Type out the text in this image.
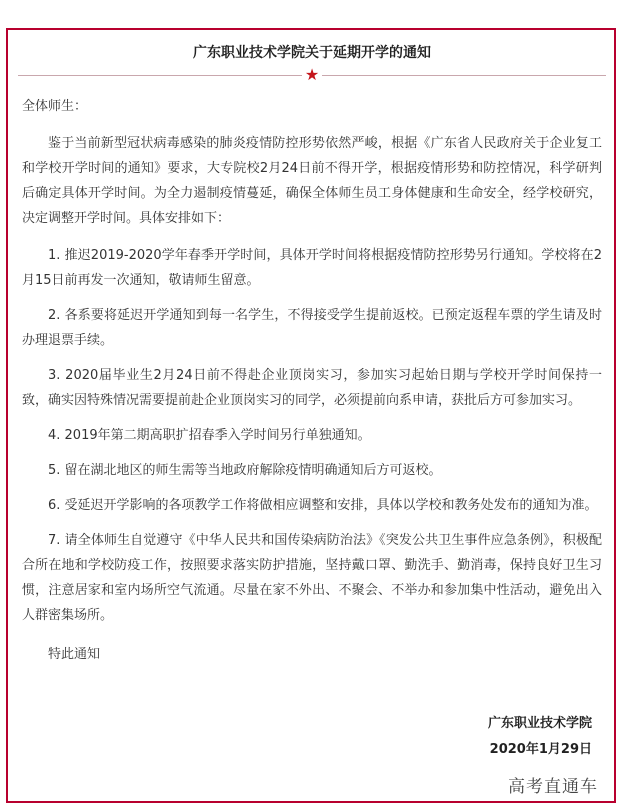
广东职业技术学院关于延期开学的通知
★

全体师生：

鉴于当前新型冠状病毒感染的肺炎疫情防控形势依然严峻，根据《广东省人民政府关于企业复工和学校开学时间的通知》要求，大专院校2月24日前不得开学，根据疫情形势和防控情况，科学研判后确定具体开学时间。为全力遏制疫情蔓延，确保全体师生员工身体健康和生命安全，经学校研究，决定调整开学时间。具体安排如下：

1. 推迟2019-2020学年春季开学时间，具体开学时间将根据疫情防控形势另行通知。学校将在2月15日前再发一次通知，敬请师生留意。

2. 各系要将延迟开学通知到每一名学生，不得接受学生提前返校。已预定返程车票的学生请及时办理退票手续。

3. 2020届毕业生2月24日前不得赴企业顶岗实习，参加实习起始日期与学校开学时间保持一致，确实因特殊情况需要提前赴企业顶岗实习的同学，必须提前向系申请，获批后方可参加实习。

4. 2019年第二期高职扩招春季入学时间另行单独通知。

5. 留在湖北地区的师生需等当地政府解除疫情明确通知后方可返校。

6. 受延迟开学影响的各项教学工作将做相应调整和安排，具体以学校和教务处发布的通知为准。

7. 请全体师生自觉遵守《中华人民共和国传染病防治法》《突发公共卫生事件应急条例》，积极配合所在地和学校防疫工作，按照要求落实防护措施，坚持戴口罩、勤洗手、勤消毒，保持良好卫生习惯，注意居家和室内场所空气流通。尽量在家不外出、不聚会、不举办和参加集中性活动，避免出入人群密集场所。

特此通知

广东职业技术学院
2020年1月29日
高考直通车
